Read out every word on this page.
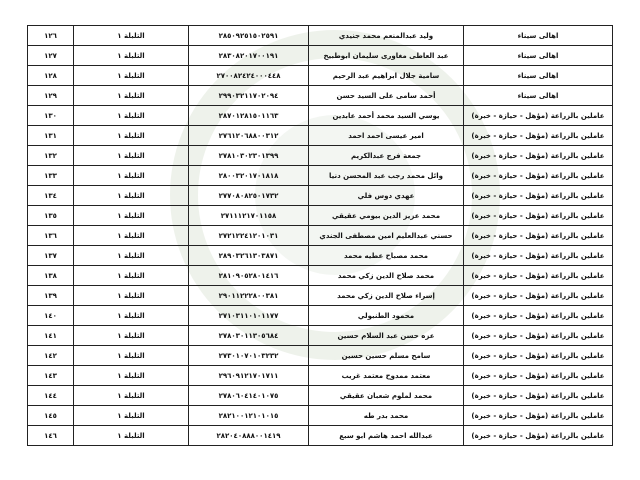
اهالى سيناء	وليد عبدالمنعم محمد جنيدي	٢٨٥٠٩٢٥١٥٠٢٥٩١	التلبلة ١	١٢٦
اهالى سيناء	عبد العاطى مغاورى سليمان ابوطبيخ	٢٨٣٠٨٢٠١٧٠٠١٩١	التلبلة ١	١٢٧
اهالى سيناء	سامية جلال ابراهيم عبد الرحيم	٢٧٠٠٨٢٤٢٤٠٠٠٤٤٨	التلبلة ١	١٢٨
اهالى سيناء	أحمد سامى على السيد حسن	٢٩٩٠٣٢١١٧٠٢٠٩٤	التلبلة ١	١٢٩
عاملين بالزراعة (مؤهل - حيازة - خبرة)	يوسي السيد محمد أحمد عابدين	٢٨٧٠١٢٨١٥٠١١٦٣	التلبلة ١	١٣٠
عاملين بالزراعة (مؤهل - حيازة - خبرة)	امير عيسى احمد احمد	٢٧٦١٢٠٦٨٨٠٠٣١٢	التلبلة ١	١٣١
عاملين بالزراعة (مؤهل - حيازة - خبرة)	جمعة فرج عبدالكريم	٢٧٨١٠٣٠٢٣٠١٣٩٩	التلبلة ١	١٣٢
عاملين بالزراعة (مؤهل - حيازة - خبرة)	وائل محمد رجب عبد المحسن دنيا	٢٨٠٠٣٢٠١٧٠١٨١٨	التلبلة ١	١٣٣
عاملين بالزراعة (مؤهل - حيازة - خبرة)	عهدي دوس فلي	٢٧٧٠٨٠٨٢٥٠١٧٣٢	التلبلة ١	١٣٤
عاملين بالزراعة (مؤهل - حيازة - خبرة)	محمد عزيز الدين بيومي عقيقي	٢٧١١١٢١٧٠١١٥٨	التلبلة ١	١٣٥
عاملين بالزراعة (مؤهل - حيازة - خبرة)	حسني عبدالعليم امين مصطفى الجندي	٢٧٢١٢٢٤١٢٠١٠٣١	التلبلة ١	١٣٦
عاملين بالزراعة (مؤهل - حيازة - خبرة)	محمد مصباح عطيه محمد	٢٨٩٠٣٢٦١٣٠٣٨٧١	التلبلة ١	١٣٧
عاملين بالزراعة (مؤهل - حيازة - خبرة)	محمد صلاح الدين زكي محمد	٢٨١٠٩٠٥٢٨٠١٤١٦	التلبلة ١	١٣٨
عاملين بالزراعة (مؤهل - حيازة - خبرة)	إسراء صلاح الدين زكي محمد	٢٩٠١١٢٢٢٨٠٠٣٨١	التلبلة ١	١٣٩
عاملين بالزراعة (مؤهل - حيازة - خبرة)	محمود الطنبولي	٢٧١٠٣١١٠١٠١١٧٧	التلبلة ١	١٤٠
عاملين بالزراعة (مؤهل - حيازة - خبرة)	عزه حسن عبد السلام حسين	٢٧٨٠٣٠١١٣٠٥٦٨٤	التلبلة ١	١٤١
عاملين بالزراعة (مؤهل - حيازة - خبرة)	سامح مسلم حسين حسين	٢٧٣٠١٠٧٠١٠٣٢٣٢	التلبلة ١	١٤٢
عاملين بالزراعة (مؤهل - حيازة - خبرة)	معتمد ممدوح معتمد غريب	٢٩٦٠٩١٢١٧٠١٧١١	التلبلة ١	١٤٣
عاملين بالزراعة (مؤهل - حيازة - خبرة)	محمد لملوم شعبان عقيقي	٢٧٨٠٦٠٤١٤٠١٠٧٥	التلبلة ١	١٤٤
عاملين بالزراعة (مؤهل - حيازة - خبرة)	محمد بدر طه	٢٨٢١٠٠١٢١٠١٠١٥	التلبلة ١	١٤٥
عاملين بالزراعة (مؤهل - حيازة - خبرة)	عبدالله احمد هاشم ابو سبع	٢٨٢٠٤٠٨٨٨٠٠١٤١٩	التلبلة ١	١٤٦
